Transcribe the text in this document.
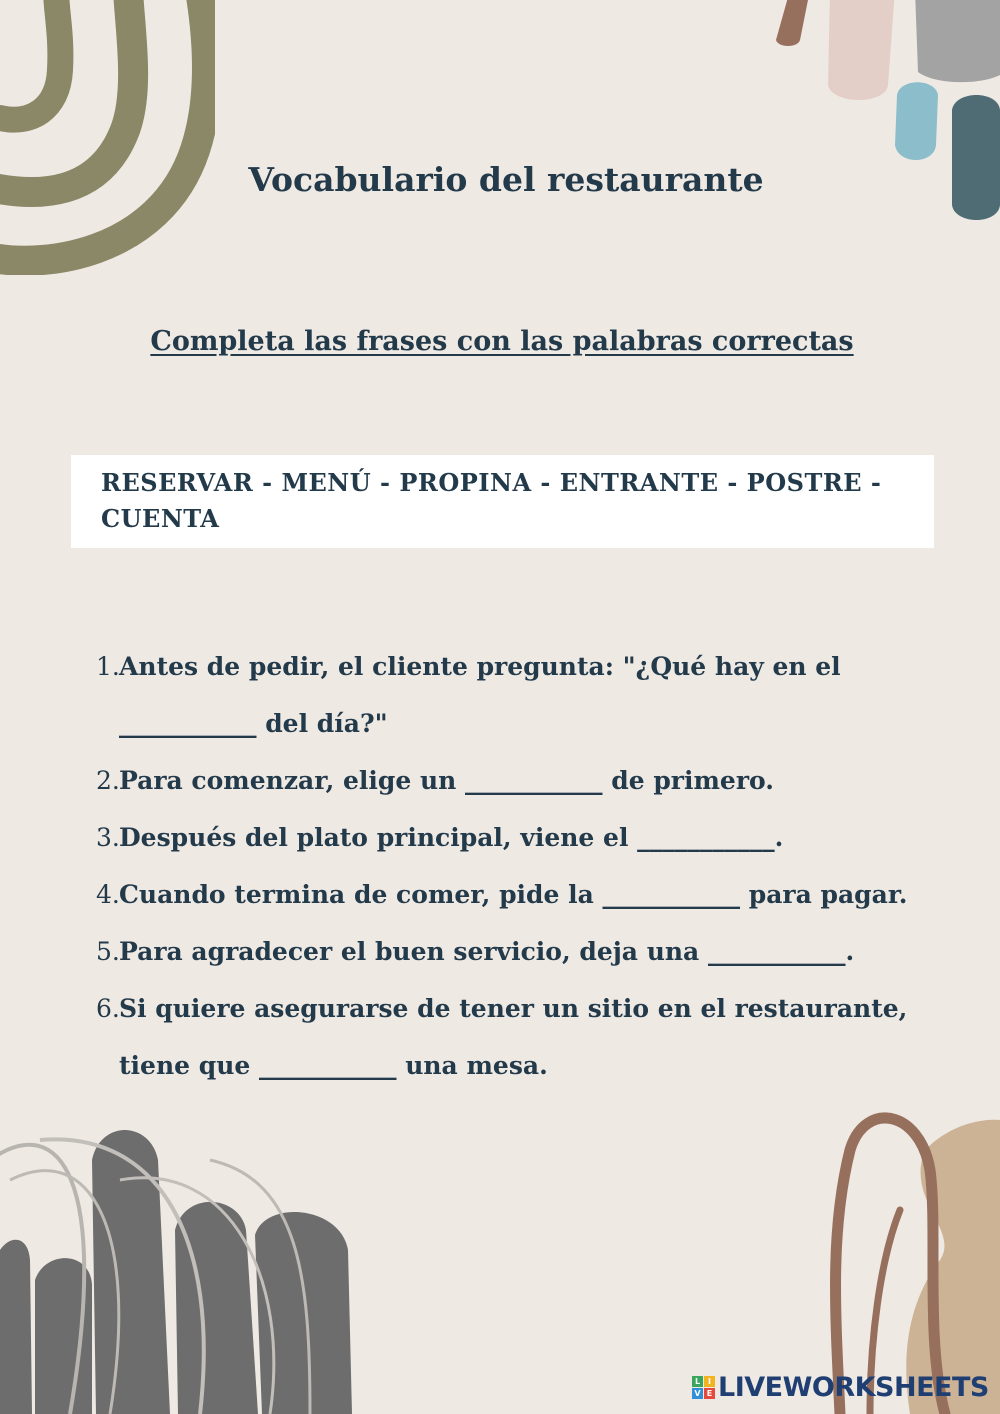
Vocabulario del restaurante
Completa las frases con las palabras correctas
RESERVAR - MENÚ - PROPINA - ENTRANTE - POSTRE - CUENTA
1. Antes de pedir, el cliente pregunta: "¿Qué hay en el ___________ del día?"
2. Para comenzar, elige un ___________ de primero.
3. Después del plato principal, viene el ___________.
4. Cuando termina de comer, pide la ___________ para pagar.
5. Para agradecer el buen servicio, deja una ___________.
6. Si quiere asegurarse de tener un sitio en el restaurante, tiene que ___________ una mesa.
L I
V E LIVEWORKSHEETS
